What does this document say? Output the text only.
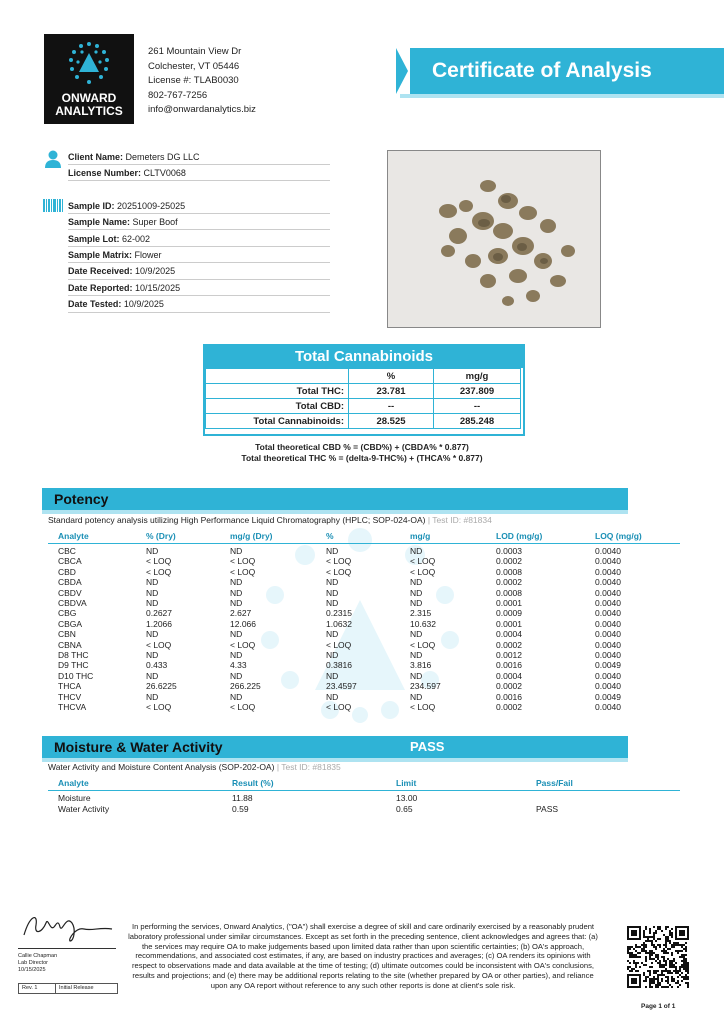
ONWARD
ANALYTICS
261 Mountain View Dr
Colchester, VT 05446
License #: TLAB0030
802-767-7256
info@onwardanalytics.biz
Certificate of Analysis
Client Name: Demeters DG LLC
License Number: CLTV0068
Sample ID: 20251009-25025
Sample Name: Super Boof
Sample Lot: 62-002
Sample Matrix: Flower
Date Received: 10/9/2025
Date Reported: 10/15/2025
Date Tested: 10/9/2025
Total Cannabinoids
	%	mg/g
Total THC:	23.781	237.809
Total CBD:	--	--
Total Cannabinoids:	28.525	285.248
Total theoretical CBD % = (CBD%) + (CBDA% * 0.877)
Total theoretical THC % = (delta-9-THC%) + (THCA% * 0.877)
Potency
Standard potency analysis utilizing High Performance Liquid Chromatography (HPLC; SOP-024-OA) | Test ID: #81834
Analyte	% (Dry)	mg/g (Dry)	%	mg/g	LOD (mg/g)	LOQ (mg/g)
CBC	ND	ND	ND	ND	0.0003	0.0040
CBCA	< LOQ	< LOQ	< LOQ	< LOQ	0.0002	0.0040
CBD	< LOQ	< LOQ	< LOQ	< LOQ	0.0008	0.0040
CBDA	ND	ND	ND	ND	0.0002	0.0040
CBDV	ND	ND	ND	ND	0.0008	0.0040
CBDVA	ND	ND	ND	ND	0.0001	0.0040
CBG	0.2627	2.627	0.2315	2.315	0.0009	0.0040
CBGA	1.2066	12.066	1.0632	10.632	0.0001	0.0040
CBN	ND	ND	ND	ND	0.0004	0.0040
CBNA	< LOQ	< LOQ	< LOQ	< LOQ	0.0002	0.0040
D8 THC	ND	ND	ND	ND	0.0012	0.0040
D9 THC	0.433	4.33	0.3816	3.816	0.0016	0.0049
D10 THC	ND	ND	ND	ND	0.0004	0.0040
THCA	26.6225	266.225	23.4597	234.597	0.0002	0.0040
THCV	ND	ND	ND	ND	0.0016	0.0049
THCVA	< LOQ	< LOQ	< LOQ	< LOQ	0.0002	0.0040
Moisture & Water Activity	PASS
Water Activity and Moisture Content Analysis (SOP-202-OA) | Test ID: #81835
Analyte	Result (%)	Limit	Pass/Fail
Moisture	11.88	13.00
Water Activity	0.59	0.65	PASS
Callie Chapman
Lab Director
10/15/2025
Rev. 1	Initial Release
In performing the services, Onward Analytics, ("OA") shall exercise a degree of skill and care ordinarily exercised by a reasonably prudent laboratory professional under similar circumstances. Except as set forth in the preceding sentence, client acknowledges and agrees that: (a) the services may require OA to make judgements based upon limited data rather than upon scientific certainties; (b) OA's approach, recommendations, and associated cost estimates, if any, are based on industry practices and averages; (c) OA renders its opinions with respect to observations made and data available at the time of testing; (d) ultimate outcomes could be inconsistent with OA's conclusions, results and projections; and (e) there may be additional reports relating to the site (whether prepared by OA or other parties), and reliance upon any OA report without reference to any such other reports is done at client's sole risk.
Page 1 of 1
